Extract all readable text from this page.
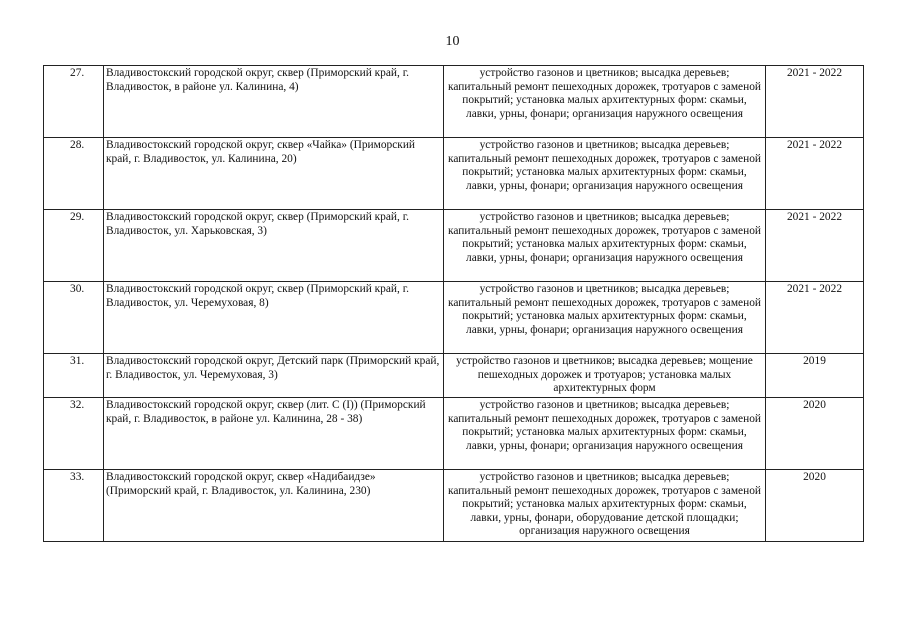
10
27.	Владивостокский городской округ, сквер (Приморский край, г. Владивосток, в районе ул. Калинина, 4)	устройство газонов и цветников; высадка деревьев; капитальный ремонт пешеходных дорожек, тротуаров с заменой покрытий; установка малых архитектурных форм: скамьи, лавки, урны, фонари; организация наружного освещения	2021 - 2022
28.	Владивостокский городской округ, сквер «Чайка» (Приморский край, г. Владивосток, ул. Калинина, 20)	устройство газонов и цветников; высадка деревьев; капитальный ремонт пешеходных дорожек, тротуаров с заменой покрытий; установка малых архитектурных форм: скамьи, лавки, урны, фонари; организация наружного освещения	2021 - 2022
29.	Владивостокский городской округ, сквер (Приморский край, г. Владивосток, ул. Харьковская, 3)	устройство газонов и цветников; высадка деревьев; капитальный ремонт пешеходных дорожек, тротуаров с заменой покрытий; установка малых архитектурных форм: скамьи, лавки, урны, фонари; организация наружного освещения	2021 - 2022
30.	Владивостокский городской округ, сквер (Приморский край, г. Владивосток, ул. Черемуховая, 8)	устройство газонов и цветников; высадка деревьев; капитальный ремонт пешеходных дорожек, тротуаров с заменой покрытий; установка малых архитектурных форм: скамьи, лавки, урны, фонари; организация наружного освещения	2021 - 2022
31.	Владивостокский городской округ, Детский парк (Приморский край, г. Владивосток, ул. Черемуховая, 3)	устройство газонов и цветников; высадка деревьев; мощение пешеходных дорожек и тротуаров; установка малых архитектурных форм	2019
32.	Владивостокский городской округ, сквер (лит. С (I)) (Приморский край, г. Владивосток, в районе ул. Калинина, 28 - 38)	устройство газонов и цветников; высадка деревьев; капитальный ремонт пешеходных дорожек, тротуаров с заменой покрытий; установка малых архитектурных форм: скамьи, лавки, урны, фонари; организация наружного освещения	2020
33.	Владивостокский городской округ, сквер «Надибаидзе» (Приморский край, г. Владивосток, ул. Калинина, 230)	устройство газонов и цветников; высадка деревьев; капитальный ремонт пешеходных дорожек, тротуаров с заменой покрытий; установка малых архитектурных форм: скамьи, лавки, урны, фонари, оборудование детской площадки; организация наружного освещения	2020
